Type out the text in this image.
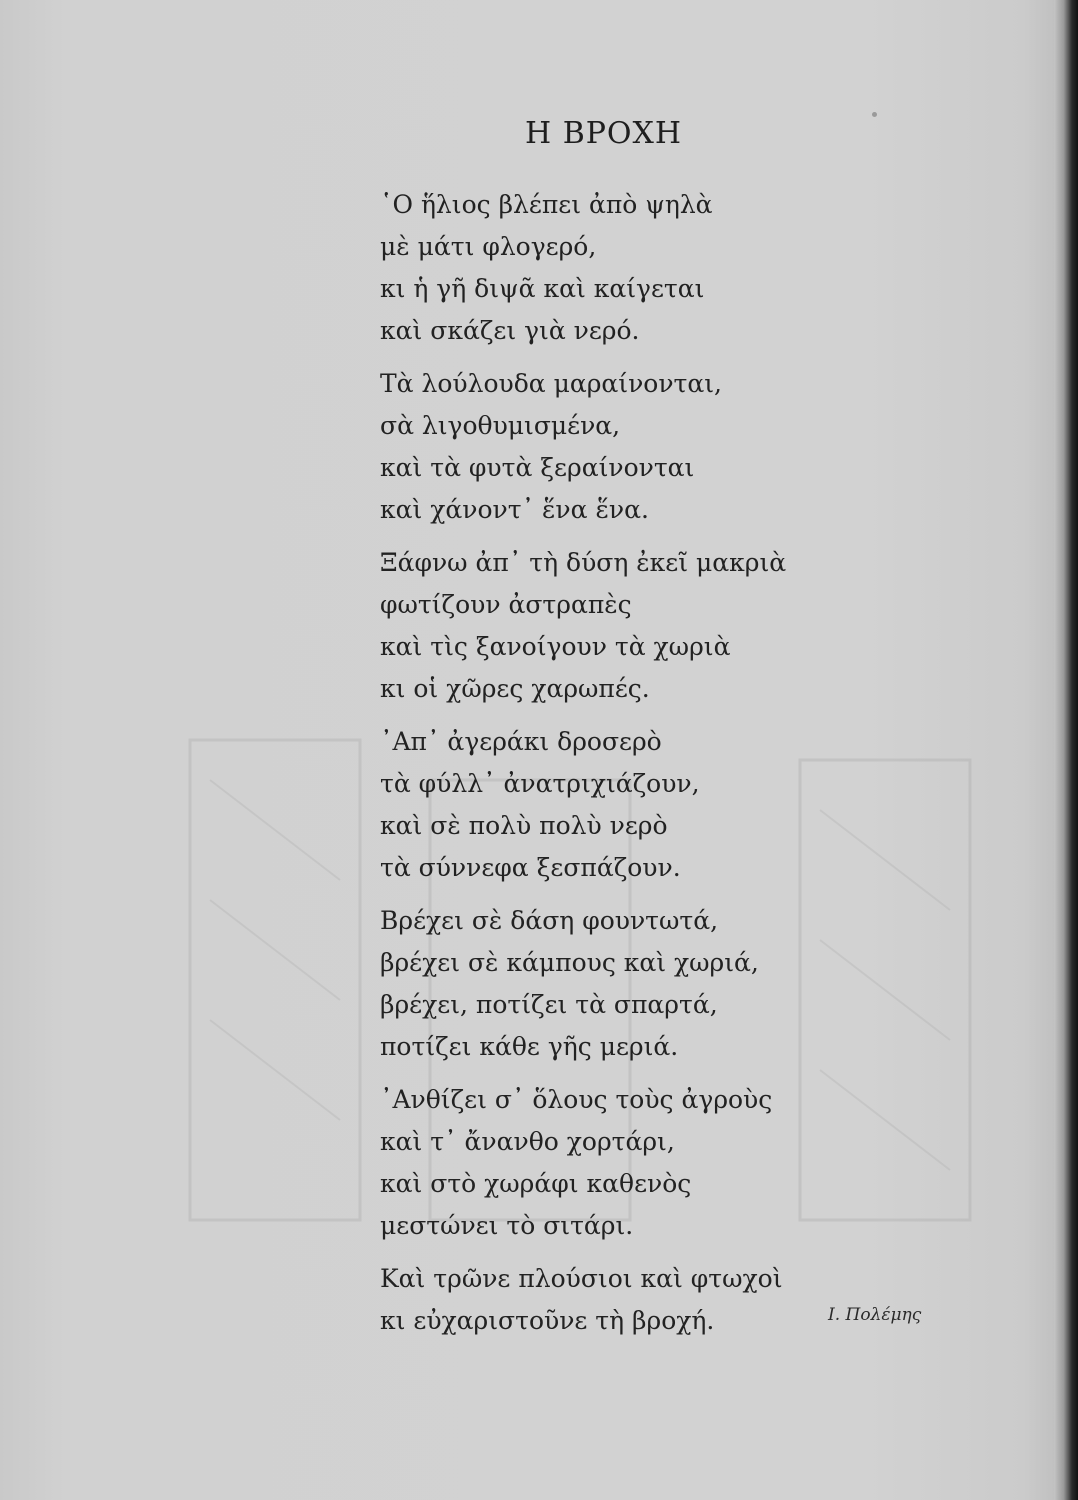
Η ΒΡΟΧΗ
῾Ο ἥλιος βλέπει ἀπὸ ψηλὰ
μὲ μάτι φλογερό,
κι ἡ γῆ διψᾶ καὶ καίγεται
καὶ σκάζει γιὰ νερό.
Τὰ λούλουδα μαραίνονται,
σὰ λιγοθυμισμένα,
καὶ τὰ φυτὰ ξεραίνονται
καὶ χάνοντ᾿ ἕνα ἕνα.
Ξάφνω ἀπ᾿ τὴ δύση ἐκεῖ μακριὰ
φωτίζουν ἀστραπὲς
καὶ τὶς ξανοίγουν τὰ χωριὰ
κι οἱ χῶρες χαρωπές.
᾿Απ᾿ ἀγεράκι δροσερὸ
τὰ φύλλ᾿ ἀνατριχιάζουν,
καὶ σὲ πολὺ πολὺ νερὸ
τὰ σύννεφα ξεσπάζουν.
Βρέχει σὲ δάση φουντωτά,
βρέχει σὲ κάμπους καὶ χωριά,
βρέχει, ποτίζει τὰ σπαρτά,
ποτίζει κάθε γῆς μεριά.
᾿Ανθίζει σ᾿ ὅλους τοὺς ἀγροὺς
καὶ τ᾿ ἄνανθο χορτάρι,
καὶ στὸ χωράφι καθενὸς
μεστώνει τὸ σιτάρι.
Καὶ τρῶνε πλούσιοι καὶ φτωχοὶ
κι εὐχαριστοῦνε τὴ βροχή.	Ι. Πολέμης
